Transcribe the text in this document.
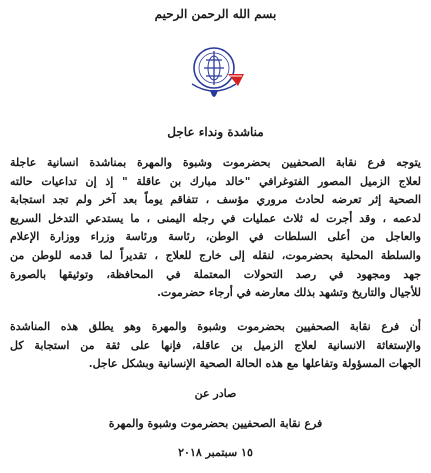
بسم الله الرحمن الرحيم
مناشدة ونداء عاجل

يتوجه فرع نقابة الصحفيين بحضرموت وشبوة والمهرة بمناشدة انسانية عاجلة
لعلاج الزميل المصور الفتوغرافي "خالد مبارك بن عاقلة " إذ إن تداعيات حالته
الصحية إثر تعرضه لحادث مروري مؤسف ، تتفاقم يوماً بعد آخر ولم تجد استجابة
لدعمه ، وقد أجرت له ثلاث عمليات في رجله اليمنى ، ما يستدعي التدخل السريع
والعاجل من أعلى السلطات في الوطن، رئاسة ورئاسة وزراء ووزارة الإعلام
والسلطة المحلية بحضرموت، لنقله إلى خارج للعلاج ، تقديراً لما قدمه للوطن من
جهد ومجهود في رصد التحولات المعتملة في المحافظة، وتوثيقها بالصورة
للأجيال والتاريخ وتشهد بذلك معارضه في أرجاء حضرموت.

أن فرع نقابة الصحفيين بحضرموت وشبوة والمهرة وهو يطلق هذه المناشدة
والإستغاثة الانسانية لعلاج الزميل بن عاقلة، فإنها على ثقة من استجابة كل
الجهات المسؤولة وتفاعلها مع هذه الحالة الصحية الإنسانية وبشكل عاجل.

صادر عن
فرع نقابة الصحفيين بحضرموت وشبوة والمهرة
١٥ سبتمبر ٢٠١٨
